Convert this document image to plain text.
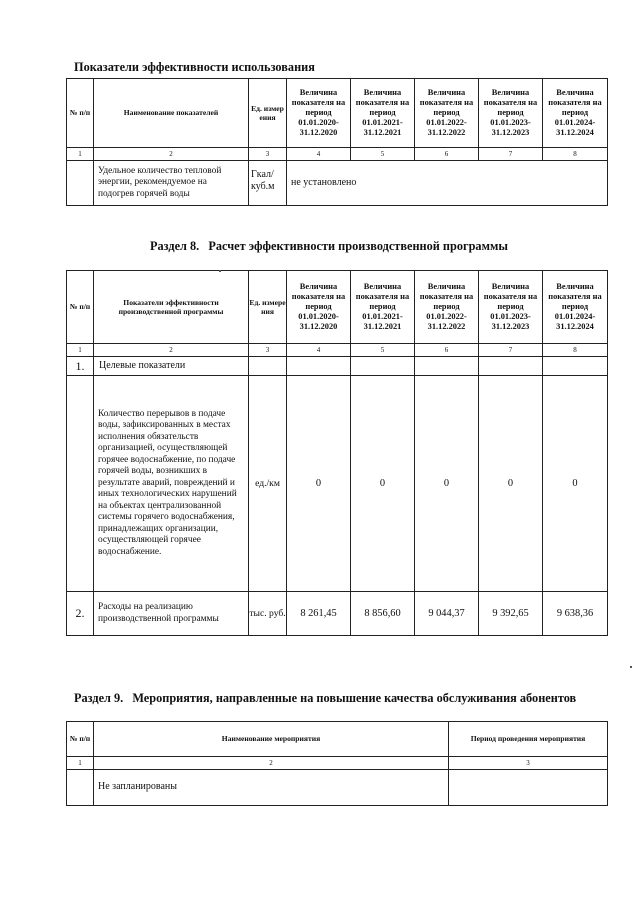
Показатели эффективности использования
№ п/п	Наименование показателей	Ед. измер ения	Величина показателя на период 01.01.2020-31.12.2020	Величина показателя на период 01.01.2021-31.12.2021	Величина показателя на период 01.01.2022-31.12.2022	Величина показателя на период 01.01.2023-31.12.2023	Величина показателя на период 01.01.2024-31.12.2024
1	2	3	4	5	6	7	8
	Удельное количество тепловой энергии, рекомендуемое на подогрев горячей воды	Гкал/ куб.м	не установлено				
Раздел 8. Расчет эффективности производственной программы
№ п/п	Показатели эффективности производственной программы	Ед. измере ния	Величина показателя на период 01.01.2020-31.12.2020	Величина показателя на период 01.01.2021-31.12.2021	Величина показателя на период 01.01.2022-31.12.2022	Величина показателя на период 01.01.2023-31.12.2023	Величина показателя на период 01.01.2024-31.12.2024
1	2	3	4	5	6	7	8
1.	Целевые показатели						
	Количество перерывов в подаче воды, зафиксированных в местах исполнения обязательств организацией, осуществляющей горячее водоснабжение, по подаче горячей воды, возникших в результате аварий, повреждений и иных технологических нарушений на объектах централизованной системы горячего водоснабжения, принадлежащих организации, осуществляющей горячее водоснабжение.	ед./км	0	0	0	0	0
2.	Расходы на реализацию производственной программы	тыс. руб.	8 261,45	8 856,60	9 044,37	9 392,65	9 638,36
Раздел 9. Мероприятия, направленные на повышение качества обслуживания абонентов
№ п/п	Наименование мероприятия	Период проведения мероприятия
1	2	3
	Не запланированы	
